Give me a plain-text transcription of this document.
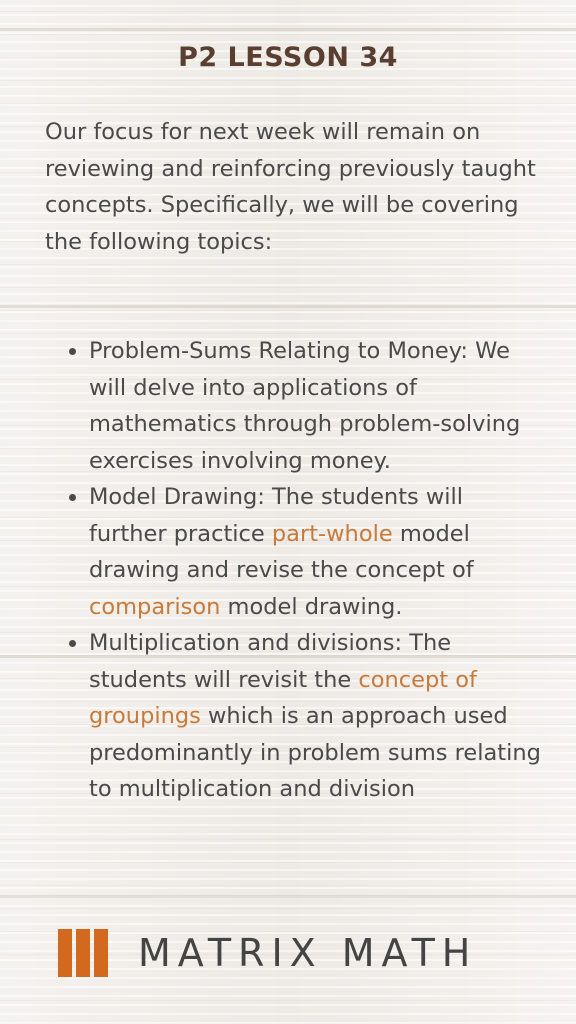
P2 LESSON 34

Our focus for next week will remain on reviewing and reinforcing previously taught concepts. Specifically, we will be covering the following topics:

Problem-Sums Relating to Money: We will delve into applications of mathematics through problem-solving exercises involving money.
Model Drawing: The students will further practice part-whole model drawing and revise the concept of comparison model drawing.
Multiplication and divisions: The students will revisit the concept of groupings which is an approach used predominantly in problem sums relating to multiplication and division
MATRIX MATH
